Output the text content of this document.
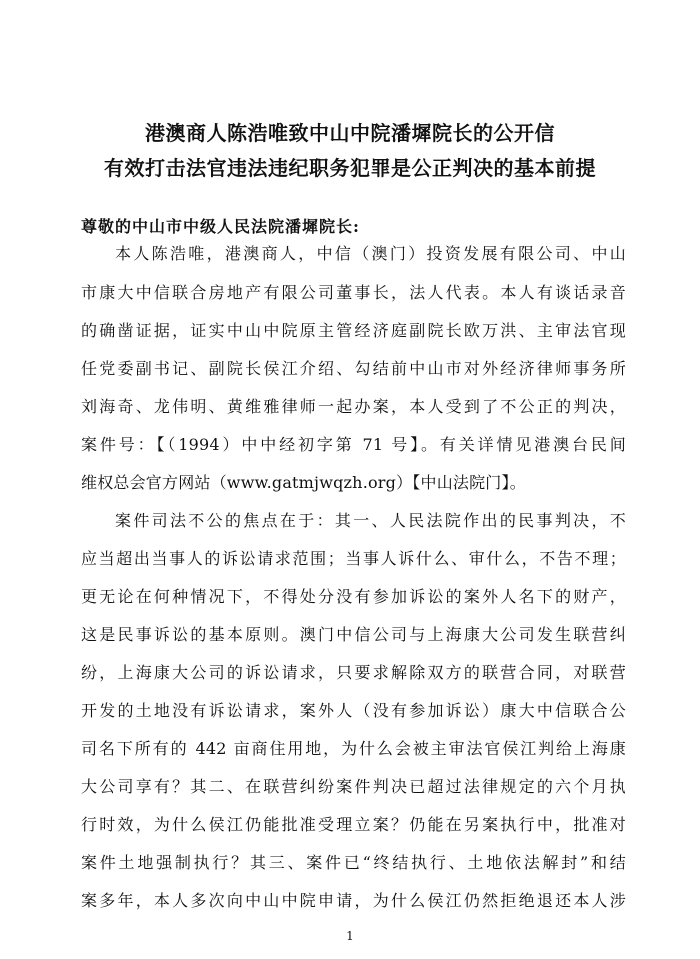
港澳商人陈浩唯致中山中院潘墀院长的公开信
有效打击法官违法违纪职务犯罪是公正判决的基本前提
尊敬的中山市中级人民法院潘墀院长:
本人陈浩唯，港澳商人，中信（澳门）投资发展有限公司、中山
市康大中信联合房地产有限公司董事长，法人代表。本人有谈话录音
的确凿证据，证实中山中院原主管经济庭副院长欧万洪、主审法官现
任党委副书记、副院长侯江介绍、勾结前中山市对外经济律师事务所
刘海奇、龙伟明、黄维雅律师一起办案，本人受到了不公正的判决，
案件号：【（1994）中中经初字第 71 号】。有关详情见港澳台民间
维权总会官方网站（www.gatmjwqzh.org）【中山法院门】。
案件司法不公的焦点在于：其一、人民法院作出的民事判决，不
应当超出当事人的诉讼请求范围；当事人诉什么、审什么，不告不理；
更无论在何种情况下，不得处分没有参加诉讼的案外人名下的财产，
这是民事诉讼的基本原则。澳门中信公司与上海康大公司发生联营纠
纷，上海康大公司的诉讼请求，只要求解除双方的联营合同，对联营
开发的土地没有诉讼请求，案外人（没有参加诉讼）康大中信联合公
司名下所有的 442 亩商住用地，为什么会被主审法官侯江判给上海康
大公司享有？其二、在联营纠纷案件判决已超过法律规定的六个月执
行时效，为什么侯江仍能批准受理立案？仍能在另案执行中，批准对
案件土地强制执行？其三、案件已“终结执行、土地依法解封”和结
案多年，本人多次向中山中院申请，为什么侯江仍然拒绝退还本人涉
1
